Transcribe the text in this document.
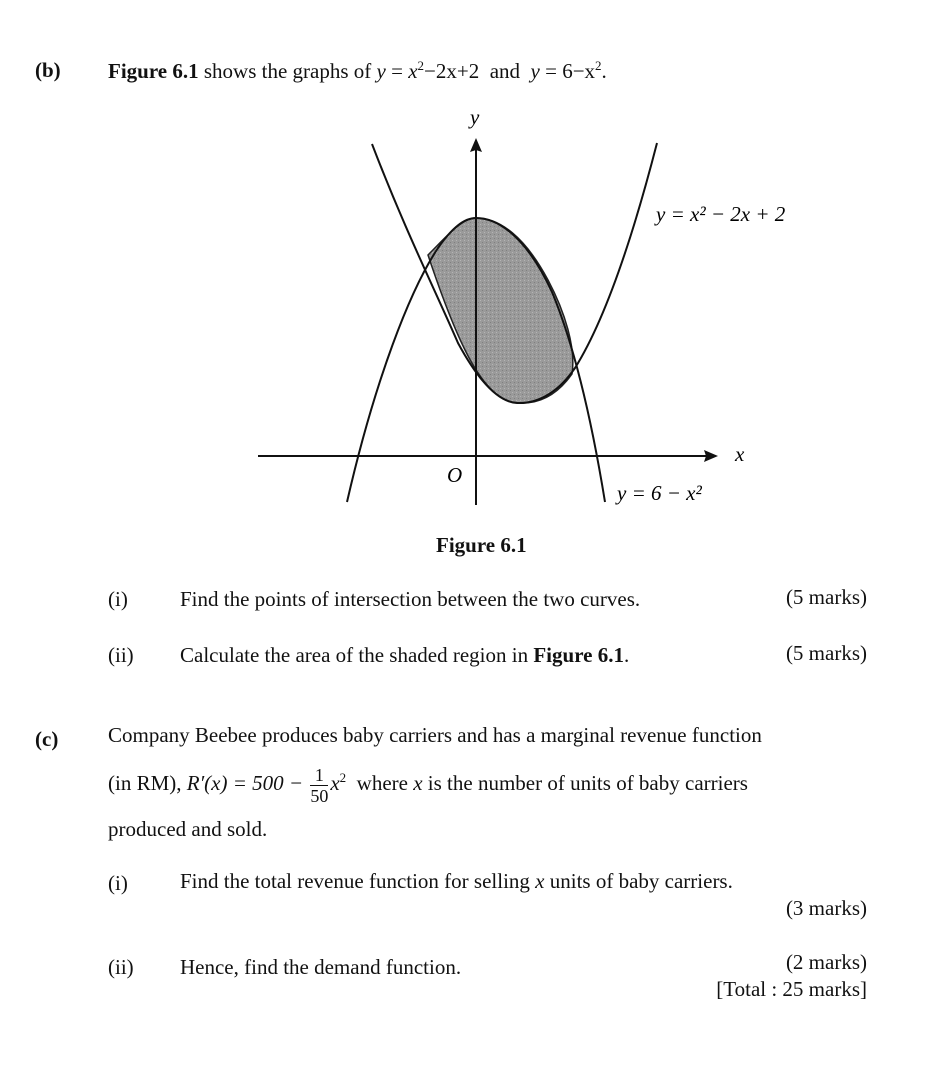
(b) Figure 6.1 shows the graphs of $y = x^2-2x+2$ and $y = 6-x^2$.
y
x
O
y = x² − 2x + 2
y = 6 − x²
Figure 6.1
(i) Find the points of intersection between the two curves.	(5 marks)
(ii) Calculate the area of the shaded region in Figure 6.1.	(5 marks)
(c) Company Beebee produces baby carriers and has a marginal revenue function
(in RM), $R'(x) = 500 - \frac{1}{50} x^2$ where x is the number of units of baby carriers
produced and sold.
(i) Find the total revenue function for selling x units of baby carriers.
(3 marks)
(ii) Hence, find the demand function.	(2 marks)
[Total : 25 marks]
